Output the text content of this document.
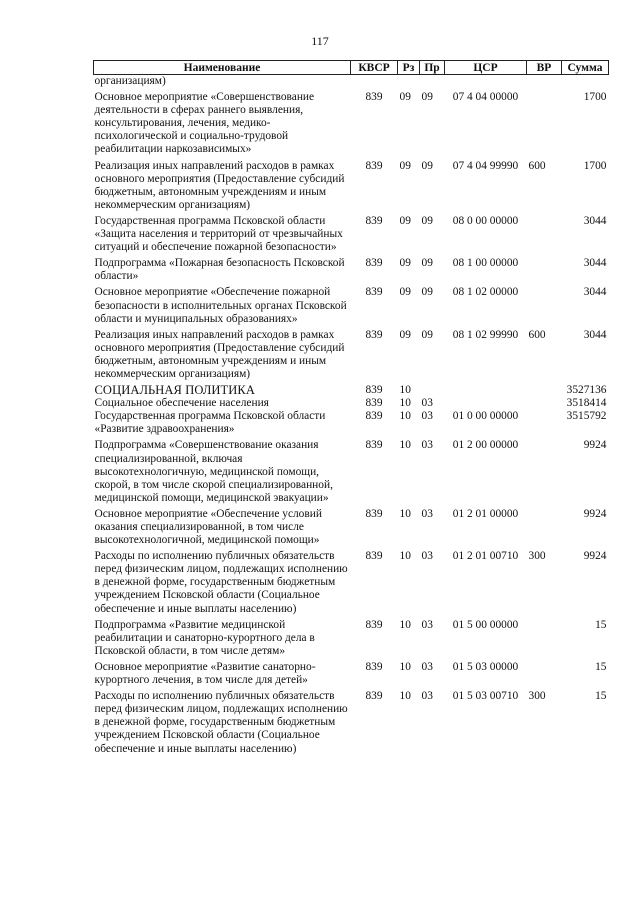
117
Наименование	КВСР	Рз	Пр	ЦСР	ВР	Сумма
организациям)						
Основное мероприятие «Совершенствование деятельности в сферах раннего выявления, консультирования, лечения, медико-психологической и социально-трудовой реабилитации наркозависимых»	839	09	09	07 4 04 00000		1700
Реализация иных направлений расходов в рамках основного мероприятия (Предоставление субсидий бюджетным, автономным учреждениям и иным некоммерческим организациям)	839	09	09	07 4 04 99990	600	1700
Государственная программа Псковской области «Защита населения и территорий от чрезвычайных ситуаций и обеспечение пожарной безопасности»	839	09	09	08 0 00 00000		3044
Подпрограмма «Пожарная безопасность Псковской области»	839	09	09	08 1 00 00000		3044
Основное мероприятие «Обеспечение пожарной безопасности в исполнительных органах Псковской области и муниципальных образованиях»	839	09	09	08 1 02 00000		3044
Реализация иных направлений расходов в рамках основного мероприятия (Предоставление субсидий бюджетным, автономным учреждениям и иным некоммерческим организациям)	839	09	09	08 1 02 99990	600	3044
СОЦИАЛЬНАЯ ПОЛИТИКА	839	10				3527136
Социальное обеспечение населения	839	10	03			3518414
Государственная программа Псковской области «Развитие здравоохранения»	839	10	03	01 0 00 00000		3515792
Подпрограмма «Совершенствование оказания специализированной, включая высокотехнологичную, медицинской помощи, скорой, в том числе скорой специализированной, медицинской помощи, медицинской эвакуации»	839	10	03	01 2 00 00000		9924
Основное мероприятие «Обеспечение условий оказания специализированной, в том числе высокотехнологичной, медицинской помощи»	839	10	03	01 2 01 00000		9924
Расходы по исполнению публичных обязательств перед физическим лицом, подлежащих исполнению в денежной форме, государственным бюджетным учреждением Псковской области (Социальное обеспечение и иные выплаты населению)	839	10	03	01 2 01 00710	300	9924
Подпрограмма «Развитие медицинской реабилитации и санаторно-курортного дела в Псковской области, в том числе детям»	839	10	03	01 5 00 00000		15
Основное мероприятие «Развитие санаторно-курортного лечения, в том числе для детей»	839	10	03	01 5 03 00000		15
Расходы по исполнению публичных обязательств перед физическим лицом, подлежащих исполнению в денежной форме, государственным бюджетным учреждением Псковской области (Социальное обеспечение и иные выплаты населению)	839	10	03	01 5 03 00710	300	15
